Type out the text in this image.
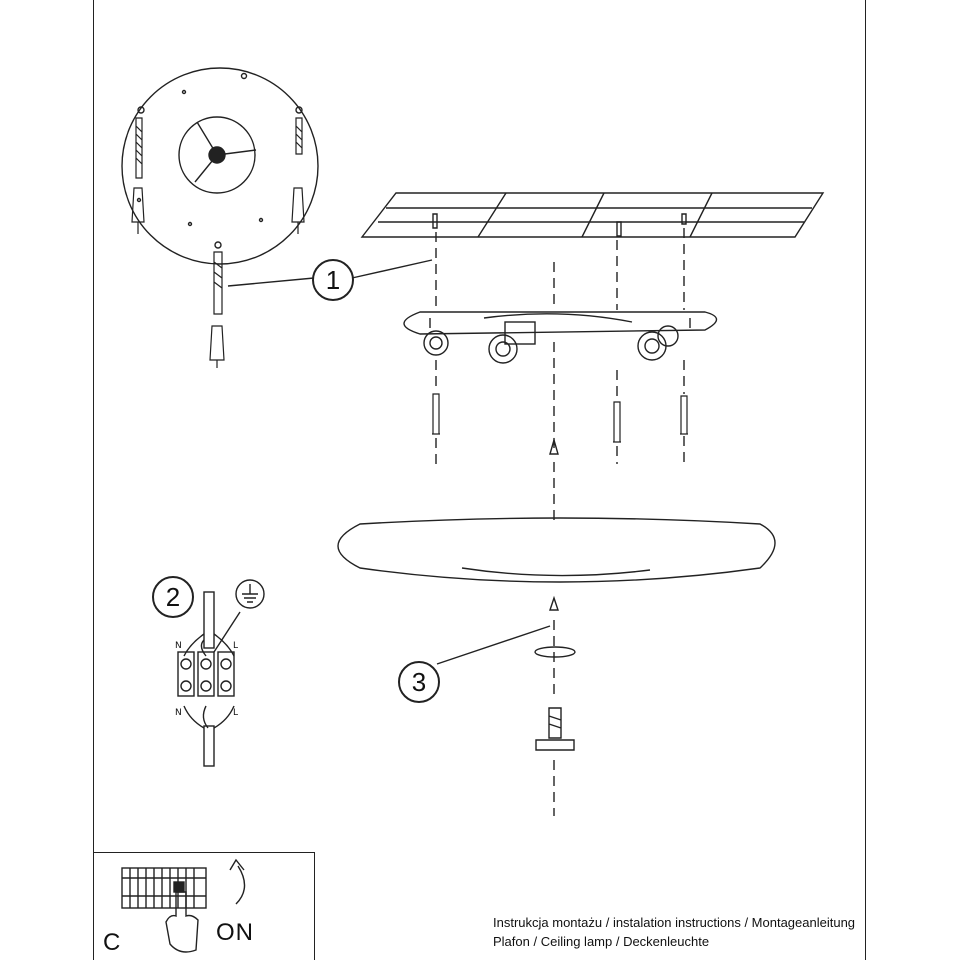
1
2
3
N	L
N	L
C	ON	Instrukcja montażu / instalation instructions / Montageanleitung
Plafon / Ceiling lamp / Deckenleuchte
